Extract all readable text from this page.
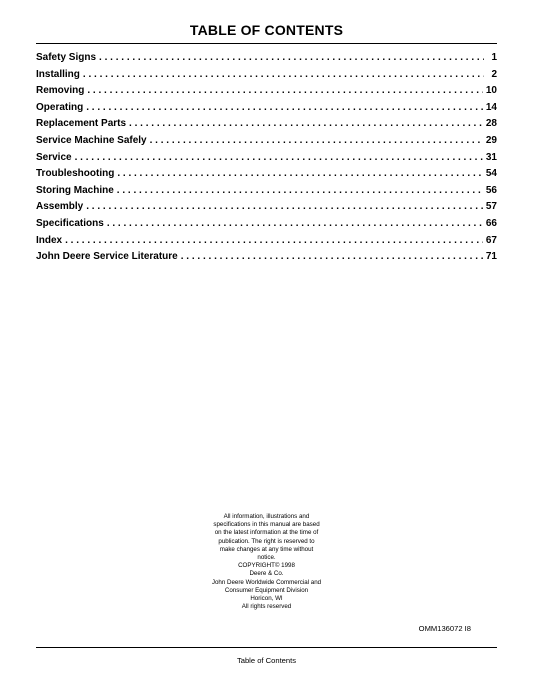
TABLE OF CONTENTS
Safety Signs . . .	1
Installing . . .	2
Removing . . .	10
Operating . . .	14
Replacement Parts . . .	28
Service Machine Safely . . .	29
Service . . .	31
Troubleshooting . . .	54
Storing Machine . . .	56
Assembly . . .	57
Specifications . . .	66
Index . . .	67
John Deere Service Literature . . .	71
All information, illustrations and
specifications in this manual are based
on the latest information at the time of
publication. The right is reserved to
make changes at any time without
notice.
COPYRIGHT© 1998
Deere & Co.
John Deere Worldwide Commercial and
Consumer Equipment Division
Horicon, WI
All rights reserved
OMM136072 I8
Table of Contents
